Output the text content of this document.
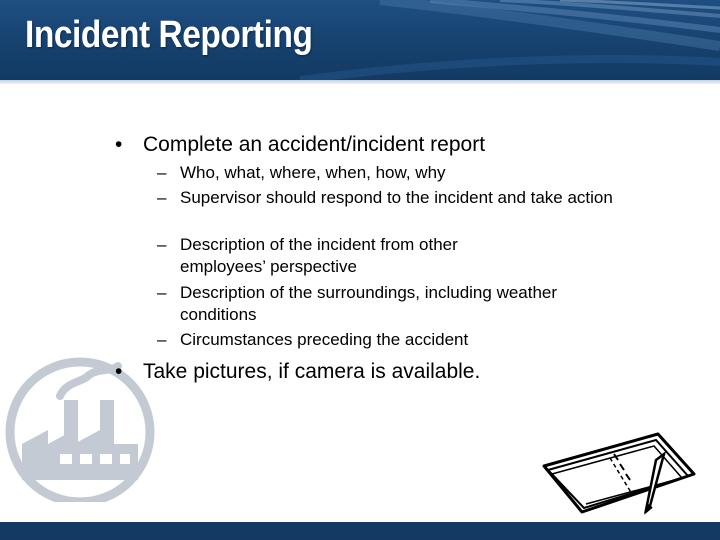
Incident Reporting
• Complete an accident/incident report
– Who, what, where, when, how, why
– Supervisor should respond to the incident and take action
– Description of the incident from other employees’ perspective
– Description of the surroundings, including weather conditions
– Circumstances preceding the accident
• Take pictures, if camera is available.
